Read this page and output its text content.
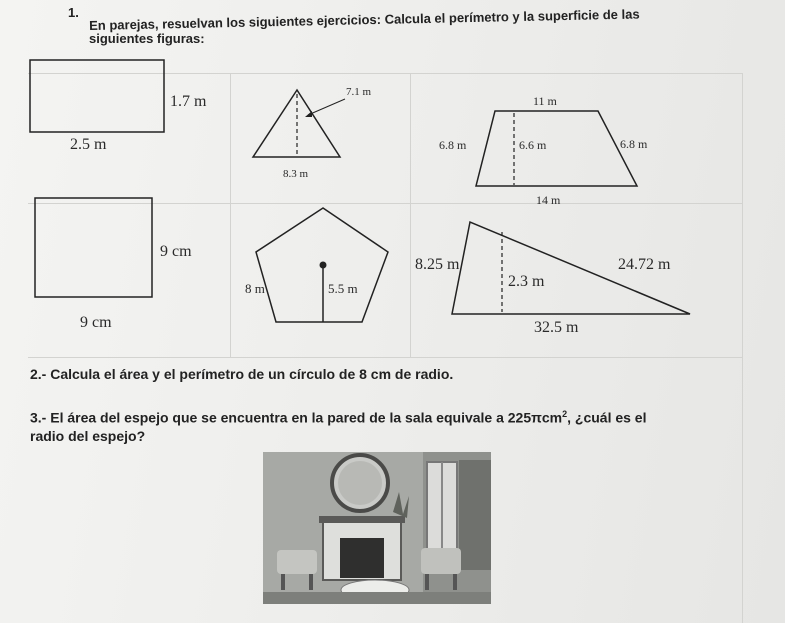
1. En parejas, resuelvan los siguientes ejercicios: Calcula el perímetro y la superficie de las
siguientes figuras:
1.7 m
2.5 m
7.1 m
8.3 m
11 m
6.8 m	6.6 m	6.8 m
14 m
9 cm
9 cm
8 m	5.5 m
8.25 m	24.72 m
2.3 m
32.5 m
2.- Calcula el área y el perímetro de un círculo de 8 cm de radio.
3.- El área del espejo que se encuentra en la pared de la sala equivale a 225πcm$^2$, ¿cuál es el
radio del espejo?
